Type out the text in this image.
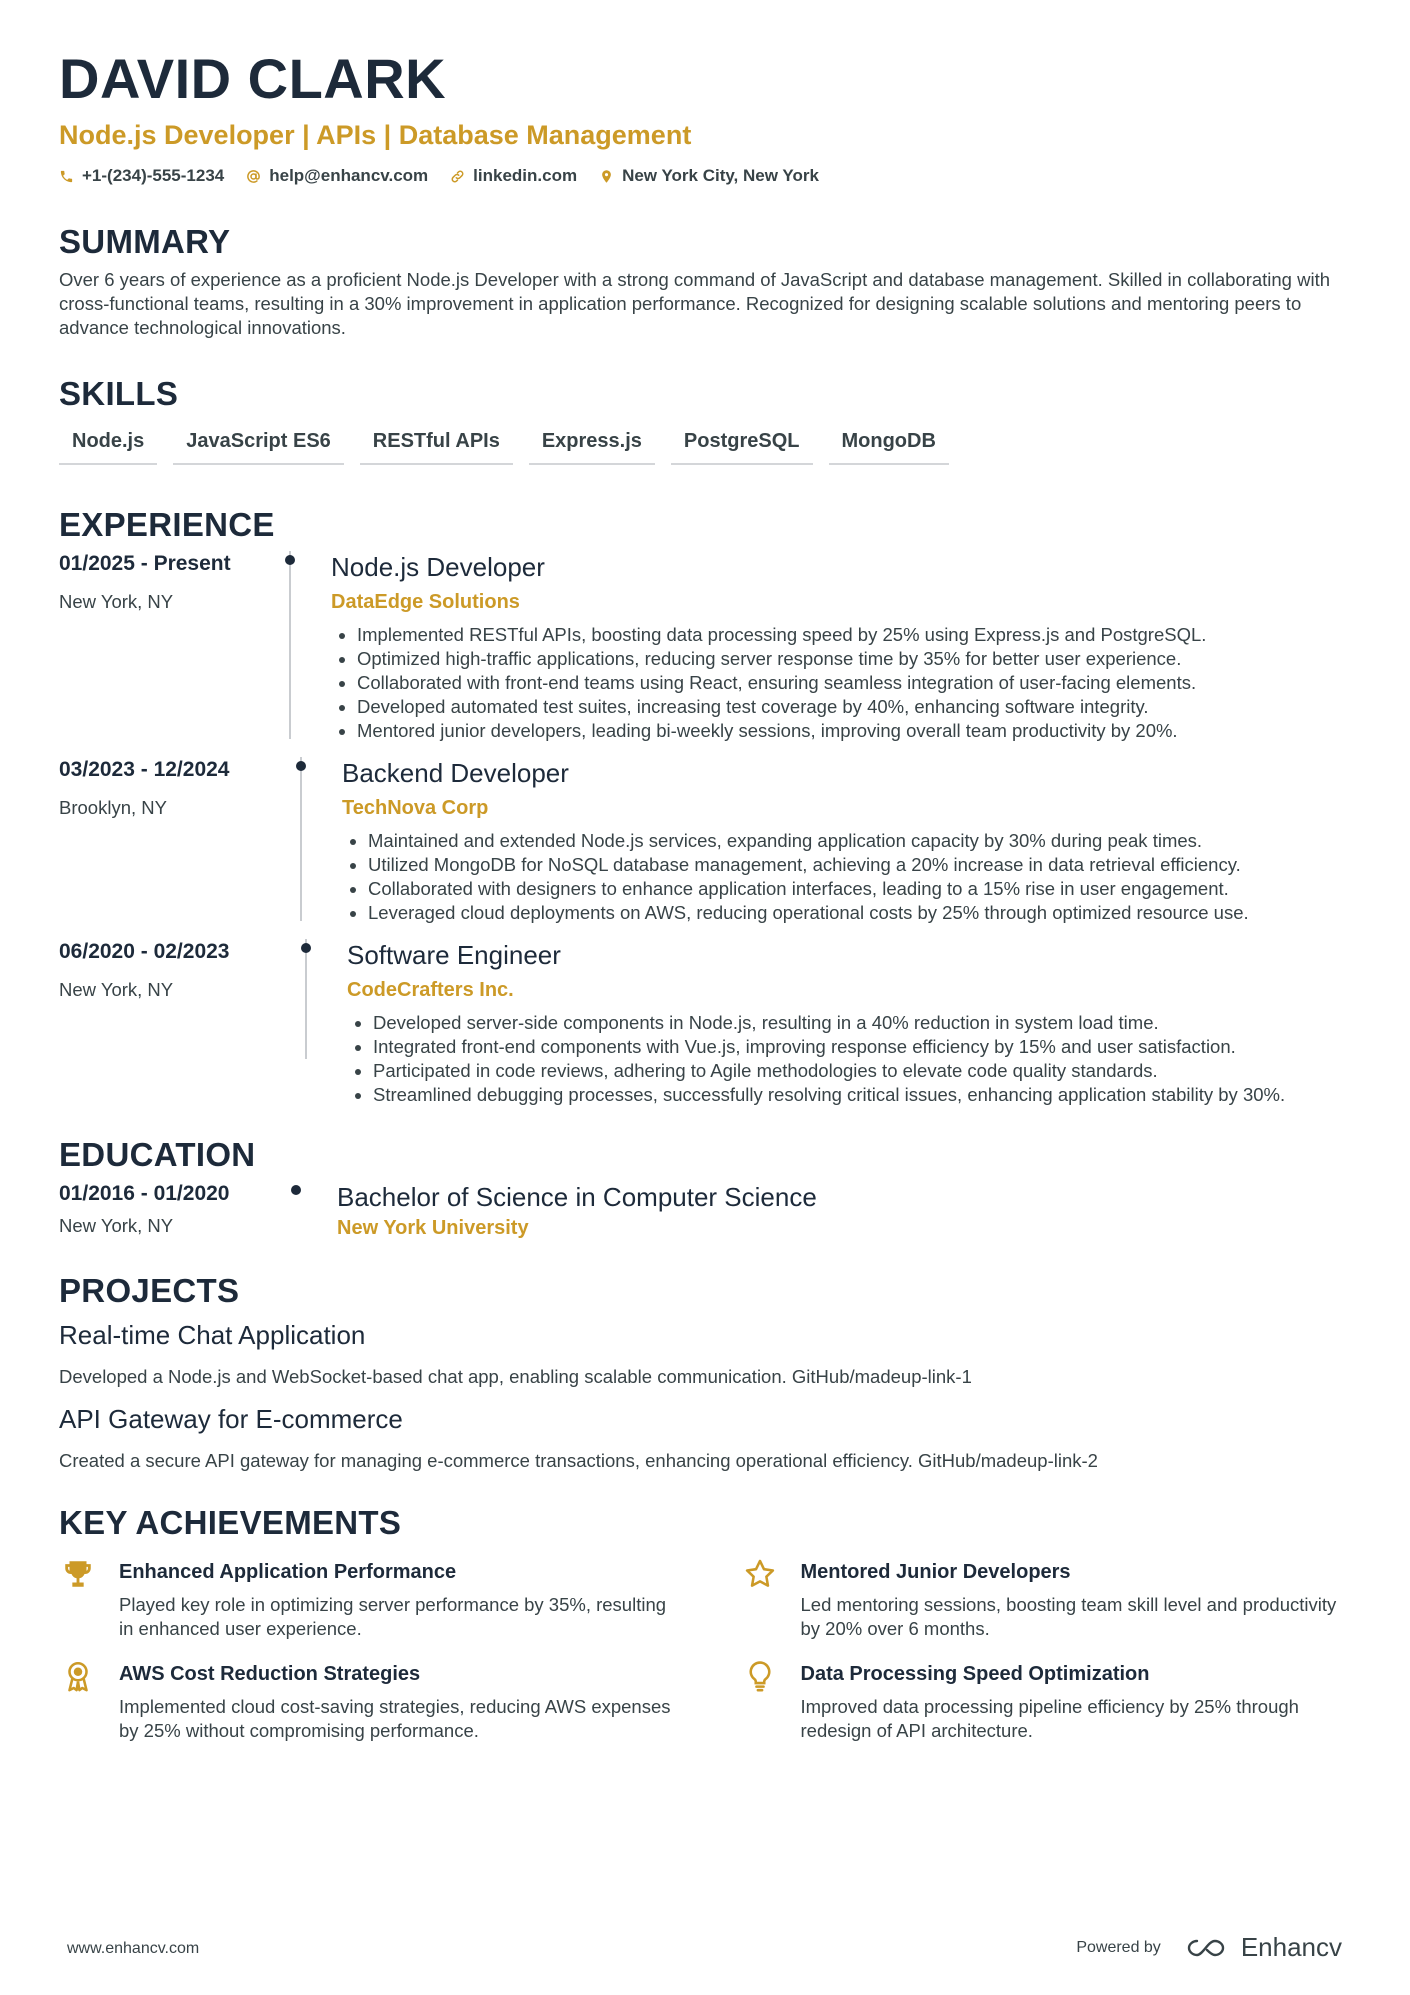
DAVID CLARK
Node.js Developer | APIs | Database Management
+1-(234)-555-1234	help@enhancv.com	linkedin.com	New York City, New York
SUMMARY
Over 6 years of experience as a proficient Node.js Developer with a strong command of JavaScript and database management. Skilled in collaborating with cross-functional teams, resulting in a 30% improvement in application performance. Recognized for designing scalable solutions and mentoring peers to advance technological innovations.
SKILLS
Node.js	JavaScript ES6	RESTful APIs	Express.js	PostgreSQL	MongoDB
EXPERIENCE
01/2025 - Present
New York, NY
Node.js Developer
DataEdge Solutions
• Implemented RESTful APIs, boosting data processing speed by 25% using Express.js and PostgreSQL.
• Optimized high-traffic applications, reducing server response time by 35% for better user experience.
• Collaborated with front-end teams using React, ensuring seamless integration of user-facing elements.
• Developed automated test suites, increasing test coverage by 40%, enhancing software integrity.
• Mentored junior developers, leading bi-weekly sessions, improving overall team productivity by 20%.
03/2023 - 12/2024
Brooklyn, NY
Backend Developer
TechNova Corp
• Maintained and extended Node.js services, expanding application capacity by 30% during peak times.
• Utilized MongoDB for NoSQL database management, achieving a 20% increase in data retrieval efficiency.
• Collaborated with designers to enhance application interfaces, leading to a 15% rise in user engagement.
• Leveraged cloud deployments on AWS, reducing operational costs by 25% through optimized resource use.
06/2020 - 02/2023
New York, NY
Software Engineer
CodeCrafters Inc.
• Developed server-side components in Node.js, resulting in a 40% reduction in system load time.
• Integrated front-end components with Vue.js, improving response efficiency by 15% and user satisfaction.
• Participated in code reviews, adhering to Agile methodologies to elevate code quality standards.
• Streamlined debugging processes, successfully resolving critical issues, enhancing application stability by 30%.
EDUCATION
01/2016 - 01/2020
New York, NY
Bachelor of Science in Computer Science
New York University
PROJECTS
Real-time Chat Application
Developed a Node.js and WebSocket-based chat app, enabling scalable communication. GitHub/madeup-link-1
API Gateway for E-commerce
Created a secure API gateway for managing e-commerce transactions, enhancing operational efficiency. GitHub/madeup-link-2
KEY ACHIEVEMENTS
Enhanced Application Performance
Played key role in optimizing server performance by 35%, resulting in enhanced user experience.
Mentored Junior Developers
Led mentoring sessions, boosting team skill level and productivity by 20% over 6 months.
AWS Cost Reduction Strategies
Implemented cloud cost-saving strategies, reducing AWS expenses by 25% without compromising performance.
Data Processing Speed Optimization
Improved data processing pipeline efficiency by 25% through redesign of API architecture.
www.enhancv.com	Powered by	Enhancv
